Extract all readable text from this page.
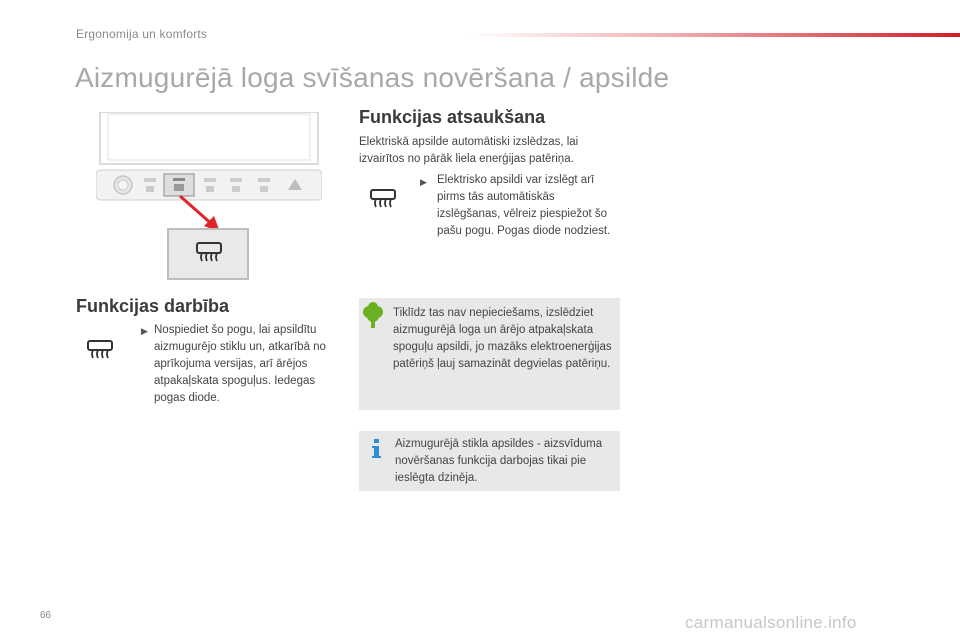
Ergonomija un komforts
Aizmugurējā loga svīšanas novēršana / apsilde
Funkcijas darbība
▶ Nospiediet šo pogu, lai apsildītu aizmugurējo stiklu un, atkarībā no aprīkojuma versijas, arī ārējos atpakaļskata spoguļus. Iedegas pogas diode.

Funkcijas atsaukšana

Elektriskā apsilde automātiski izslēdzas, lai izvairītos no pārāk liela enerģijas patēriņa.

▶ Elektrisko apsildi var izslēgt arī pirms tās automātiskās izslēgšanas, vēlreiz piespiežot šo pašu pogu. Pogas diode nodziest.

Tiklīdz tas nav nepieciešams, izslēdziet aizmugurējā loga un ārējo atpakaļskata spoguļu apsildi, jo mazāks elektroenerģijas patēriņš ļauj samazināt degvielas patēriņu.

Aizmugurējā stikla apsildes - aizsvīduma novēršanas funkcija darbojas tikai pie ieslēgta dzinēja.

66	carmanualsonline.info
